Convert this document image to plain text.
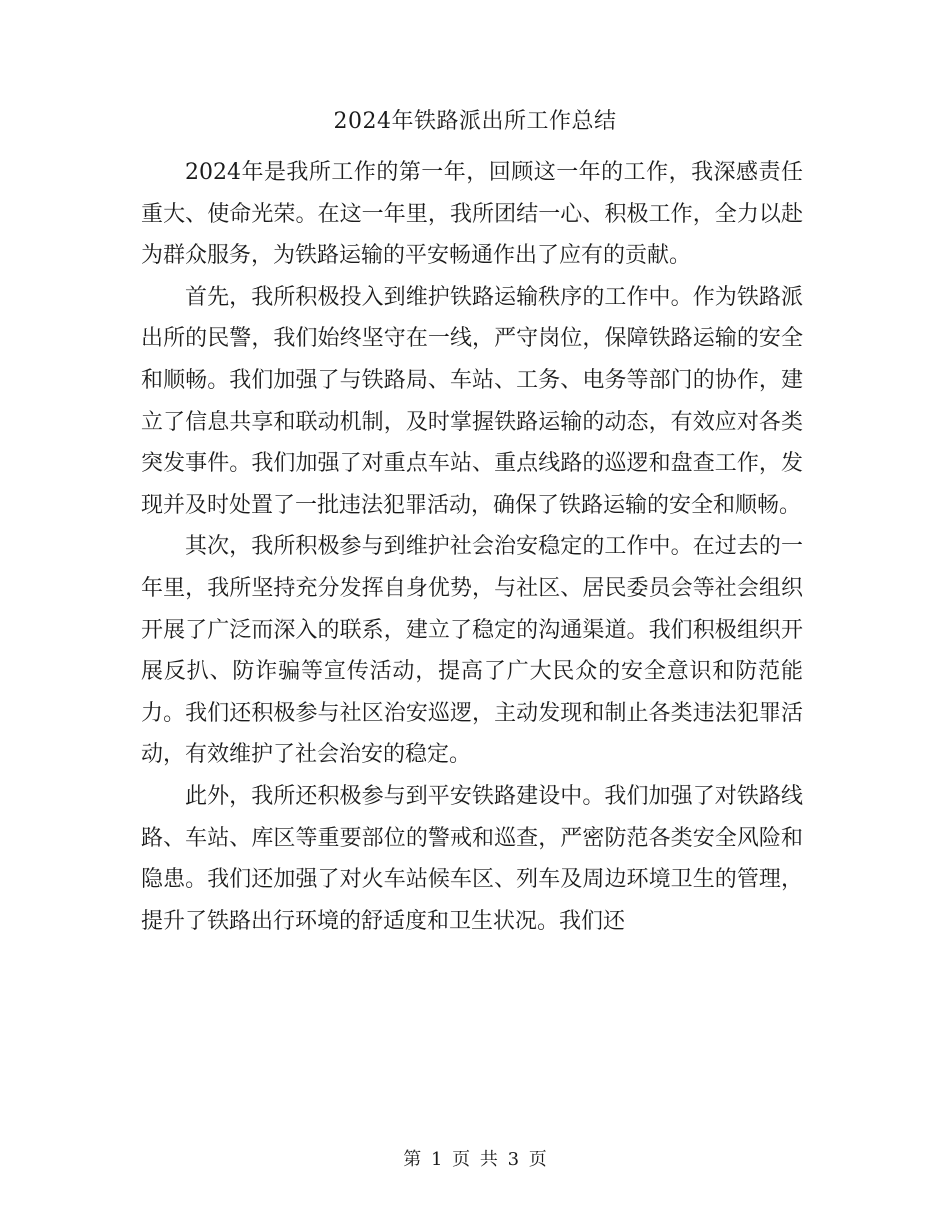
2024年铁路派出所工作总结

2024年是我所工作的第一年，回顾这一年的工作，我深感责任重大、使命光荣。在这一年里，我所团结一心、积极工作，全力以赴为群众服务，为铁路运输的平安畅通作出了应有的贡献。

首先，我所积极投入到维护铁路运输秩序的工作中。作为铁路派出所的民警，我们始终坚守在一线，严守岗位，保障铁路运输的安全和顺畅。我们加强了与铁路局、车站、工务、电务等部门的协作，建立了信息共享和联动机制，及时掌握铁路运输的动态，有效应对各类突发事件。我们加强了对重点车站、重点线路的巡逻和盘查工作，发现并及时处置了一批违法犯罪活动，确保了铁路运输的安全和顺畅。

其次，我所积极参与到维护社会治安稳定的工作中。在过去的一年里，我所坚持充分发挥自身优势，与社区、居民委员会等社会组织开展了广泛而深入的联系，建立了稳定的沟通渠道。我们积极组织开展反扒、防诈骗等宣传活动，提高了广大民众的安全意识和防范能力。我们还积极参与社区治安巡逻，主动发现和制止各类违法犯罪活动，有效维护了社会治安的稳定。

此外，我所还积极参与到平安铁路建设中。我们加强了对铁路线路、车站、库区等重要部位的警戒和巡查，严密防范各类安全风险和隐患。我们还加强了对火车站候车区、列车及周边环境卫生的管理，提升了铁路出行环境的舒适度和卫生状况。我们还

第 1 页 共 3 页
